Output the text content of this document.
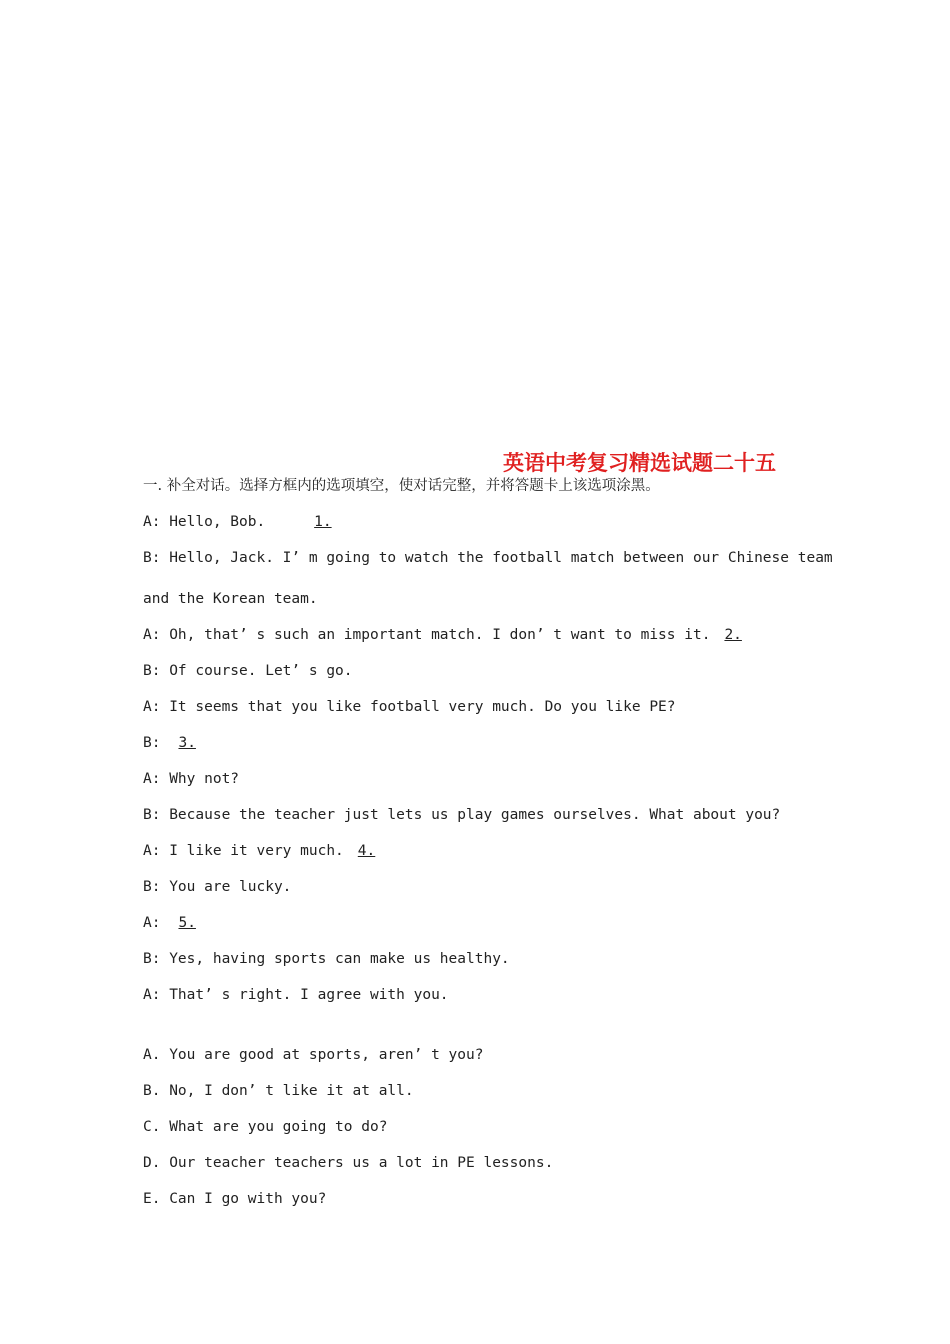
英语中考复习精选试题二十五
一. 补全对话。选择方框内的选项填空，使对话完整，并将答题卡上该选项涂黑。
A: Hello, Bob.    1.
B: Hello, Jack. I’ m going to watch the football match between our Chinese team
and the Korean team.
A: Oh, that’ s such an important match. I don’ t want to miss it. 2.
B: Of course. Let’ s go.
A: It seems that you like football very much. Do you like PE?
B: 3.
A: Why not?
B: Because the teacher just lets us play games ourselves. What about you?
A: I like it very much. 4.
B: You are lucky.
A: 5.
B: Yes, having sports can make us healthy.
A: That’ s right. I agree with you.
A. You are good at sports, aren’ t you?
B. No, I don’ t like it at all.
C. What are you going to do?
D. Our teacher teachers us a lot in PE lessons.
E. Can I go with you?
